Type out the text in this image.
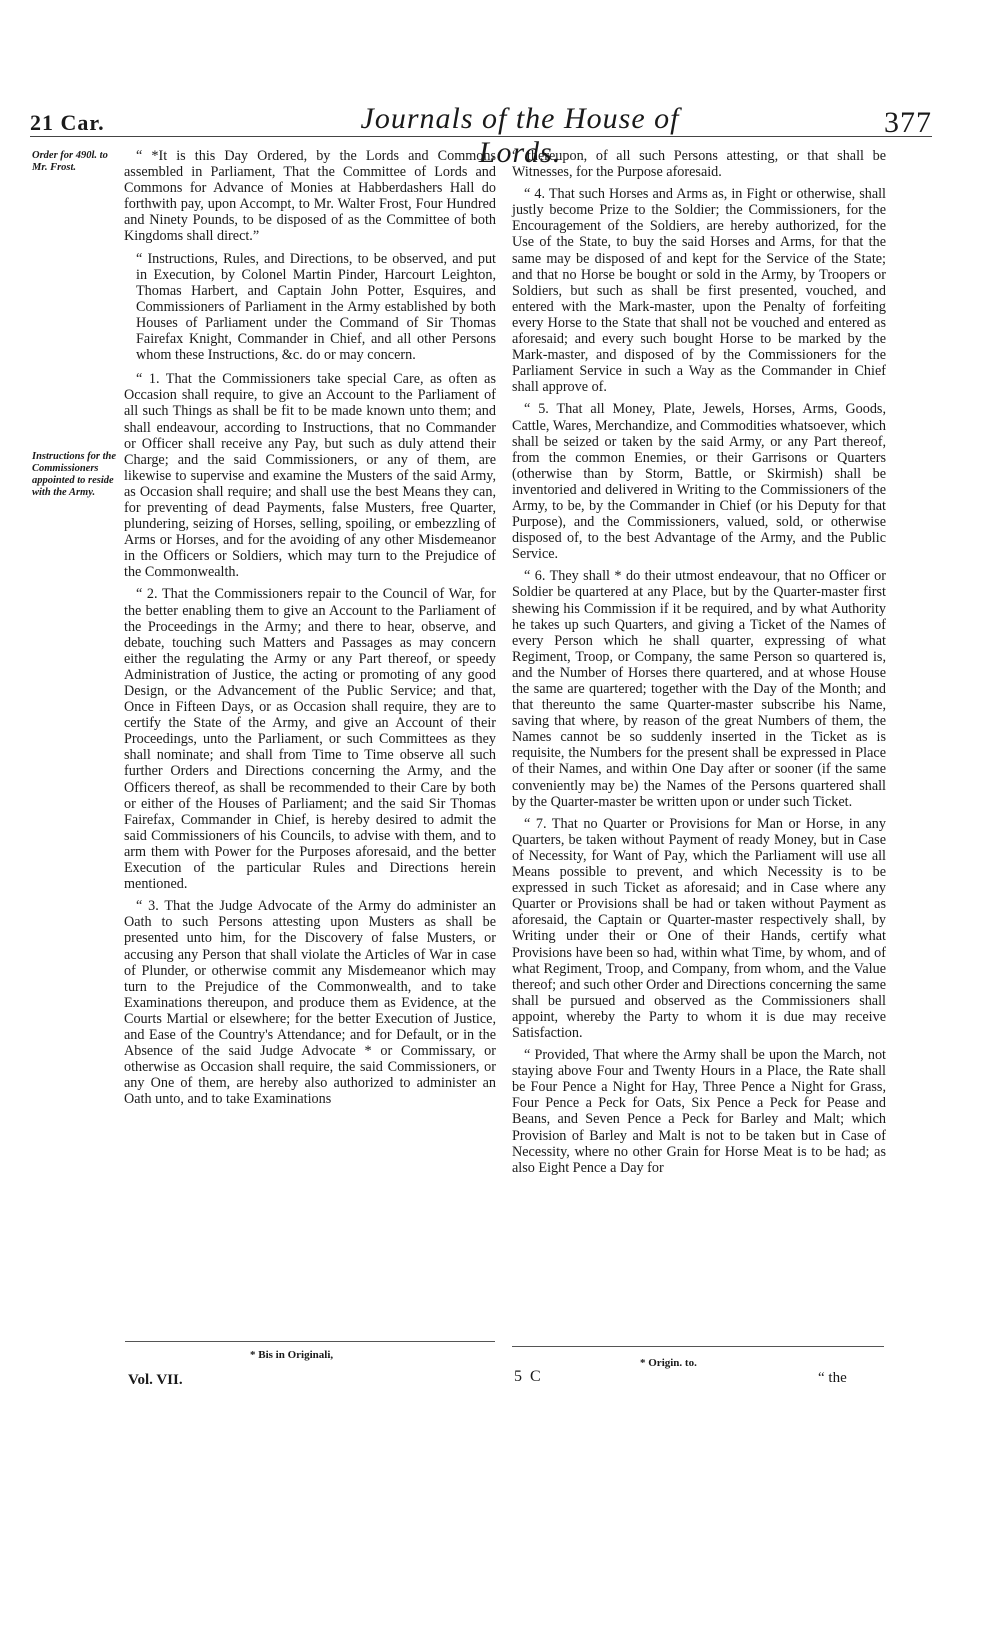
21 Car.	Journals of the House of Lords.
377
Order for 490l. to Mr. Frost.
Instructions for the Commissioners appointed to reside with the Army.

“ *It is this Day Ordered, by the Lords and Commons assembled in Parliament, That the Committee of Lords and Commons for Advance of Monies at Habberdashers Hall do forthwith pay, upon Accompt, to Mr. Walter Frost, Four Hundred and Ninety Pounds, to be disposed of as the Committee of both Kingdoms shall direct.”

“ Instructions, Rules, and Directions, to be observed, and put in Execution, by Colonel Martin Pinder, Harcourt Leighton, Thomas Harbert, and Captain John Potter, Esquires, and Commissioners of Parliament in the Army established by both Houses of Parliament under the Command of Sir Thomas Fairefax Knight, Commander in Chief, and all other Persons whom these Instructions, &c. do or may concern.

“ 1. That the Commissioners take special Care, as often as Occasion shall require, to give an Account to the Parliament of all such Things as shall be fit to be made known unto them; and shall endeavour, according to Instructions, that no Commander or Officer shall receive any Pay, but such as duly attend their Charge; and the said Commissioners, or any of them, are likewise to supervise and examine the Musters of the said Army, as Occasion shall require; and shall use the best Means they can, for preventing of dead Payments, false Musters, free Quarter, plundering, seizing of Horses, selling, spoiling, or embezzling of Arms or Horses, and for the avoiding of any other Misdemeanor in the Officers or Soldiers, which may turn to the Prejudice of the Commonwealth.

“ 2. That the Commissioners repair to the Council of War, for the better enabling them to give an Account to the Parliament of the Proceedings in the Army; and there to hear, observe, and debate, touching such Matters and Passages as may concern either the regulating the Army or any Part thereof, or speedy Administration of Justice, the acting or promoting of any good Design, or the Advancement of the Public Service; and that, Once in Fifteen Days, or as Occasion shall require, they are to certify the State of the Army, and give an Account of their Proceedings, unto the Parliament, or such Committees as they shall nominate; and shall from Time to Time observe all such further Orders and Directions concerning the Army, and the Officers thereof, as shall be recommended to their Care by both or either of the Houses of Parliament; and the said Sir Thomas Fairefax, Commander in Chief, is hereby desired to admit the said Commissioners of his Councils, to advise with them, and to arm them with Power for the Purposes aforesaid, and the better Execution of the particular Rules and Directions herein mentioned.

“ 3. That the Judge Advocate of the Army do administer an Oath to such Persons attesting upon Musters as shall be presented unto him, for the Discovery of false Musters, or accusing any Person that shall violate the Articles of War in case of Plunder, or otherwise commit any Misdemeanor which may turn to the Prejudice of the Commonwealth, and to take Examinations thereupon, and produce them as Evidence, at the Courts Martial or elsewhere; for the better Execution of Justice, and Ease of the Country's Attendance; and for Default, or in the Absence of the said Judge Advocate * or Commissary, or otherwise as Occasion shall require, the said Commissioners, or any One of them, are hereby also authorized to administer an Oath unto, and to take Examinations

“ thereupon, of all such Persons attesting, or that shall be Witnesses, for the Purpose aforesaid.

“ 4. That such Horses and Arms as, in Fight or otherwise, shall justly become Prize to the Soldier; the Commissioners, for the Encouragement of the Soldiers, are hereby authorized, for the Use of the State, to buy the said Horses and Arms, for that the same may be disposed of and kept for the Service of the State; and that no Horse be bought or sold in the Army, by Troopers or Soldiers, but such as shall be first presented, vouched, and entered with the Mark-master, upon the Penalty of forfeiting every Horse to the State that shall not be vouched and entered as aforesaid; and every such bought Horse to be marked by the Mark-master, and disposed of by the Commissioners for the Parliament Service in such a Way as the Commander in Chief shall approve of.

“ 5. That all Money, Plate, Jewels, Horses, Arms, Goods, Cattle, Wares, Merchandize, and Commodities whatsoever, which shall be seized or taken by the said Army, or any Part thereof, from the common Enemies, or their Garrisons or Quarters (otherwise than by Storm, Battle, or Skirmish) shall be inventoried and delivered in Writing to the Commissioners of the Army, to be, by the Commander in Chief (or his Deputy for that Purpose), and the Commissioners, valued, sold, or otherwise disposed of, to the best Advantage of the Army, and the Public Service.

“ 6. They shall * do their utmost endeavour, that no Officer or Soldier be quartered at any Place, but by the Quarter-master first shewing his Commission if it be required, and by what Authority he takes up such Quarters, and giving a Ticket of the Names of every Person which he shall quarter, expressing of what Regiment, Troop, or Company, the same Person so quartered is, and the Number of Horses there quartered, and at whose House the same are quartered; together with the Day of the Month; and that thereunto the same Quarter-master subscribe his Name, saving that where, by reason of the great Numbers of them, the Names cannot be so suddenly inserted in the Ticket as is requisite, the Numbers for the present shall be expressed in Place of their Names, and within One Day after or sooner (if the same conveniently may be) the Names of the Persons quartered shall by the Quarter-master be written upon or under such Ticket.

“ 7. That no Quarter or Provisions for Man or Horse, in any Quarters, be taken without Payment of ready Money, but in Case of Necessity, for Want of Pay, which the Parliament will use all Means possible to prevent, and which Necessity is to be expressed in such Ticket as aforesaid; and in Case where any Quarter or Provisions shall be had or taken without Payment as aforesaid, the Captain or Quarter-master respectively shall, by Writing under their or One of their Hands, certify what Provisions have been so had, within what Time, by whom, and of what Regiment, Troop, and Company, from whom, and the Value thereof; and such other Order and Directions concerning the same shall be pursued and observed as the Commissioners shall appoint, whereby the Party to whom it is due may receive Satisfaction.

“ Provided, That where the Army shall be upon the March, not staying above Four and Twenty Hours in a Place, the Rate shall be Four Pence a Night for Hay, Three Pence a Night for Grass, Four Pence a Peck for Oats, Six Pence a Peck for Pease and Beans, and Seven Pence a Peck for Barley and Malt; which Provision of Barley and Malt is not to be taken but in Case of Necessity, where no other Grain for Horse Meat is to be had; as also Eight Pence a Day for

* Bis in Originali,
* Origin. to.
Vol. VII.	5 C	“ the
